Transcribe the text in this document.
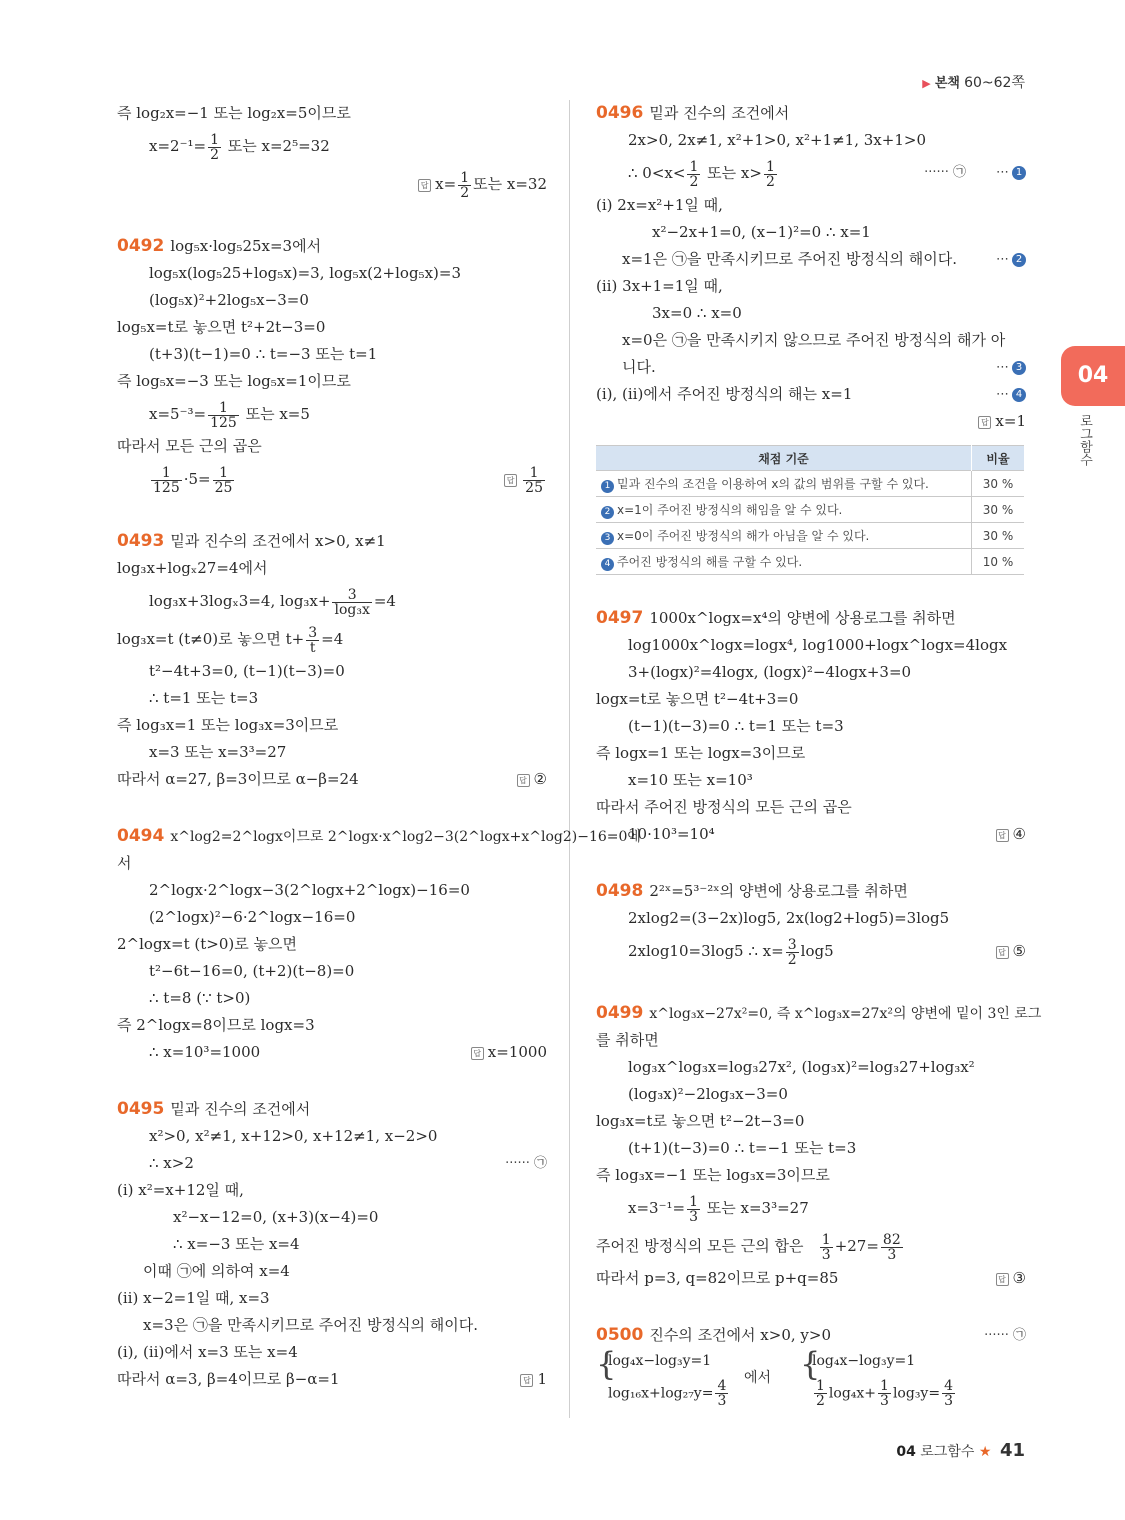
▶ 본책 60~62쪽
04
로그함수
즉 log₂x=−1 또는 log₂x=5이므로
$x=2^{-1}= \frac{1}{2}$ 또는 x=2⁵=32
답 $x= \frac{1}{2}$ 또는 x=32
0492 log₅x·log₅25x=3에서
log₅x(log₅25+log₅x)=3, log₅x(2+log₅x)=3
(log₅x)²+2log₅x−3=0
log₅x=t로 놓으면 t²+2t−3=0
(t+3)(t−1)=0 ∴ t=−3 또는 t=1
즉 log₅x=−3 또는 log₅x=1이므로
$x=5^{-3}= \frac{1}{125}$ 또는 x=5
따라서 모든 근의 곱은
$\frac{1}{125} \cdot 5= \frac{1}{25}$	답 $\frac{1}{25}$
0493 밑과 진수의 조건에서 x>0, x≠1
log₃x+logₓ27=4에서
log₃x+3logₓ3=4, $\log_3x+ \frac{3}{\text{log₃x}} =4$
log₃x=t (t≠0)로 놓으면 $t+ \frac{3}{t} =4$
t²−4t+3=0, (t−1)(t−3)=0
∴ t=1 또는 t=3
즉 log₃x=1 또는 log₃x=3이므로
x=3 또는 x=3³=27
따라서 α=27, β=3이므로 α−β=24	답 ②
0494 x^log2=2^logx이므로 2^logx·x^log2−3(2^logx+x^log2)−16=0에
서
2^logx·2^logx−3(2^logx+2^logx)−16=0
(2^logx)²−6·2^logx−16=0
2^logx=t (t>0)로 놓으면
t²−6t−16=0, (t+2)(t−8)=0
∴ t=8 (∵ t>0)
즉 2^logx=8이므로 logx=3
∴ x=10³=1000	답 x=1000
0495 밑과 진수의 조건에서
x²>0, x²≠1, x+12>0, x+12≠1, x−2>0
∴ x>2	······ ㉠
(ⅰ) x²=x+12일 때,
x²−x−12=0, (x+3)(x−4)=0
∴ x=−3 또는 x=4
이때 ㉠에 의하여 x=4
(ⅱ) x−2=1일 때, x=3
x=3은 ㉠을 만족시키므로 주어진 방정식의 해이다.
(ⅰ), (ⅱ)에서 x=3 또는 x=4
따라서 α=3, β=4이므로 β−α=1	답 1
0496 밑과 진수의 조건에서
2x>0, 2x≠1, x²+1>0, x²+1≠1, 3x+1>0
∴ $0<x< \frac{1}{2}$ 또는 $x> \frac{1}{2}$	······ ㉠ ⋯ 1
(ⅰ) 2x=x²+1일 때,
x²−2x+1=0, (x−1)²=0 ∴ x=1
x=1은 ㉠을 만족시키므로 주어진 방정식의 해이다.	⋯ 2
(ⅱ) 3x+1=1일 때,
3x=0 ∴ x=0
x=0은 ㉠을 만족시키지 않으므로 주어진 방정식의 해가 아
니다.	⋯ 3
(ⅰ), (ⅱ)에서 주어진 방정식의 해는 x=1	⋯ 4
답 x=1
채점 기준	비율
1 밑과 진수의 조건을 이용하여 x의 값의 범위를 구할 수 있다.	30 %
2 x=1이 주어진 방정식의 해임을 알 수 있다.	30 %
3 x=0이 주어진 방정식의 해가 아님을 알 수 있다.	30 %
4 주어진 방정식의 해를 구할 수 있다.	10 %
0497 1000x^logx=x⁴의 양변에 상용로그를 취하면
log1000x^logx=logx⁴, log1000+logx^logx=4logx
3+(logx)²=4logx, (logx)²−4logx+3=0
logx=t로 놓으면 t²−4t+3=0
(t−1)(t−3)=0 ∴ t=1 또는 t=3
즉 logx=1 또는 logx=3이므로
x=10 또는 x=10³
따라서 주어진 방정식의 모든 근의 곱은
10·10³=10⁴	답 ④
0498 2²ˣ=5³⁻²ˣ의 양변에 상용로그를 취하면
2xlog2=(3−2x)log5, 2x(log2+log5)=3log5
2xlog10=3log5 ∴ $x= \frac{3}{2} \log 5$	답 ⑤
0499 x^log₃x−27x²=0, 즉 x^log₃x=27x²의 양변에 밑이 3인 로그
를 취하면
log₃x^log₃x=log₃27x², (log₃x)²=log₃27+log₃x²
(log₃x)²−2log₃x−3=0
log₃x=t로 놓으면 t²−2t−3=0
(t+1)(t−3)=0 ∴ t=−1 또는 t=3
즉 log₃x=−1 또는 log₃x=3이므로
$x=3^{-1}= \frac{1}{3}$ 또는 x=3³=27
주어진 방정식의 모든 근의 합은 $\frac{1}{3} +27= \frac{82}{3}$
따라서 p=3, q=82이므로 p+q=85	답 ③
0500 진수의 조건에서 x>0, y>0	······ ㉠
{
log₄x−log₃y=1
$\log_{16}x+\log_{27}y= \frac{4}{3}$
에서 {
log₄x−log₃y=1
$\frac{1}{2} \log_4x+ \frac{1}{3} \log_3y= \frac{4}{3}$
04 로그함수 ★ 41
